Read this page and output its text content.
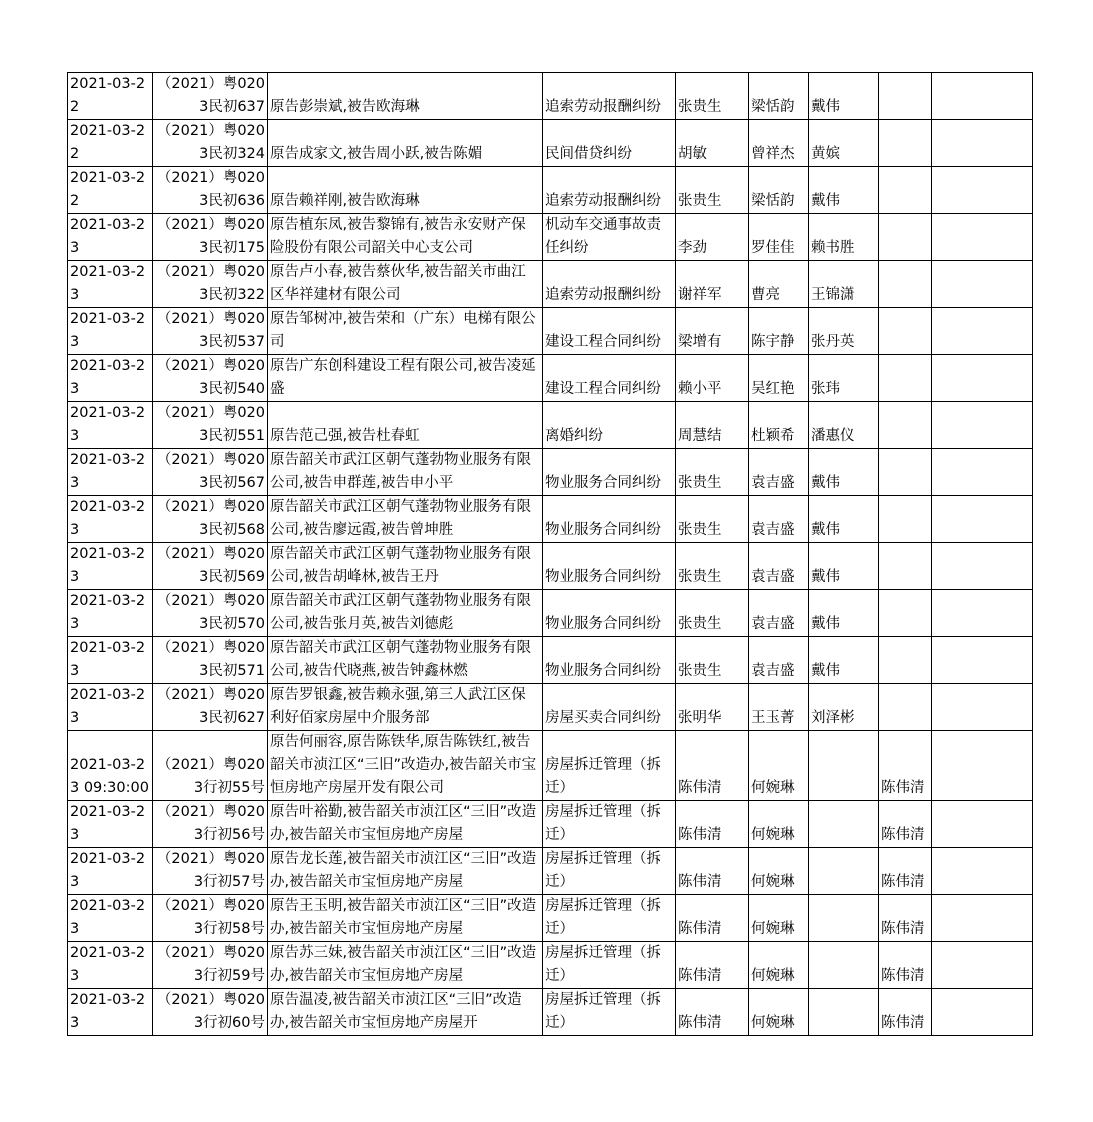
2021-03-22	（2021）粤0203民初637	原告彭崇斌,被告欧海琳	追索劳动报酬纠纷	张贵生	梁恬韵	戴伟		

2021-03-22	（2021）粤0203民初324	原告成家文,被告周小跃,被告陈媚	民间借贷纠纷	胡敏	曾祥杰	黄嫔		

2021-03-22	（2021）粤0203民初636	原告赖祥刚,被告欧海琳	追索劳动报酬纠纷	张贵生	梁恬韵	戴伟		

2021-03-23	（2021）粤0203民初175	原告植东凤,被告黎锦有,被告永安财产保险股份有限公司韶关中心支公司	机动车交通事故责任纠纷	李劲	罗佳佳	赖书胜		

2021-03-23	（2021）粤0203民初322	原告卢小春,被告蔡伙华,被告韶关市曲江区华祥建材有限公司	追索劳动报酬纠纷	谢祥军	曹亮	王锦潇		

2021-03-23	（2021）粤0203民初537	原告邹树冲,被告荣和（广东）电梯有限公司	建设工程合同纠纷	梁增有	陈宇静	张丹英		

2021-03-23	（2021）粤0203民初540	原告广东创科建设工程有限公司,被告凌延盛	建设工程合同纠纷	赖小平	吴红艳	张玮		

2021-03-23	（2021）粤0203民初551	原告范己强,被告杜春虹	离婚纠纷	周慧结	杜颖希	潘惠仪		

2021-03-23	（2021）粤0203民初567	原告韶关市武江区朝气蓬勃物业服务有限公司,被告申群莲,被告申小平	物业服务合同纠纷	张贵生	袁吉盛	戴伟		

2021-03-23	（2021）粤0203民初568	原告韶关市武江区朝气蓬勃物业服务有限公司,被告廖远霞,被告曾坤胜	物业服务合同纠纷	张贵生	袁吉盛	戴伟		

2021-03-23	（2021）粤0203民初569	原告韶关市武江区朝气蓬勃物业服务有限公司,被告胡峰林,被告王丹	物业服务合同纠纷	张贵生	袁吉盛	戴伟		

2021-03-23	（2021）粤0203民初570	原告韶关市武江区朝气蓬勃物业服务有限公司,被告张月英,被告刘德彪	物业服务合同纠纷	张贵生	袁吉盛	戴伟		

2021-03-23	（2021）粤0203民初571	原告韶关市武江区朝气蓬勃物业服务有限公司,被告代晓燕,被告钟鑫林燃	物业服务合同纠纷	张贵生	袁吉盛	戴伟		

2021-03-23	（2021）粤0203民初627	原告罗银鑫,被告赖永强,第三人武江区保利好佰家房屋中介服务部	房屋买卖合同纠纷	张明华	王玉菁	刘泽彬		

2021-03-23 09:30:00	（2021）粤0203行初55号	原告何丽容,原告陈铁华,原告陈铁红,被告韶关市浈江区“三旧”改造办,被告韶关市宝恒房地产房屋开发有限公司	房屋拆迁管理（拆迁）	陈伟清	何婉琳		陈伟清	

2021-03-23	（2021）粤0203行初56号	原告叶裕勤,被告韶关市浈江区“三旧”改造办,被告韶关市宝恒房地产房屋	房屋拆迁管理（拆迁）	陈伟清	何婉琳		陈伟清	

2021-03-23	（2021）粤0203行初57号	原告龙长莲,被告韶关市浈江区“三旧”改造办,被告韶关市宝恒房地产房屋	房屋拆迁管理（拆迁）	陈伟清	何婉琳		陈伟清	

2021-03-23	（2021）粤0203行初58号	原告王玉明,被告韶关市浈江区“三旧”改造办,被告韶关市宝恒房地产房屋	房屋拆迁管理（拆迁）	陈伟清	何婉琳		陈伟清	

2021-03-23	（2021）粤0203行初59号	原告苏三妹,被告韶关市浈江区“三旧”改造办,被告韶关市宝恒房地产房屋	房屋拆迁管理（拆迁）	陈伟清	何婉琳		陈伟清	

2021-03-23	（2021）粤0203行初60号	原告温凌,被告韶关市浈江区“三旧”改造办,被告韶关市宝恒房地产房屋开	房屋拆迁管理（拆迁）	陈伟清	何婉琳		陈伟清	
